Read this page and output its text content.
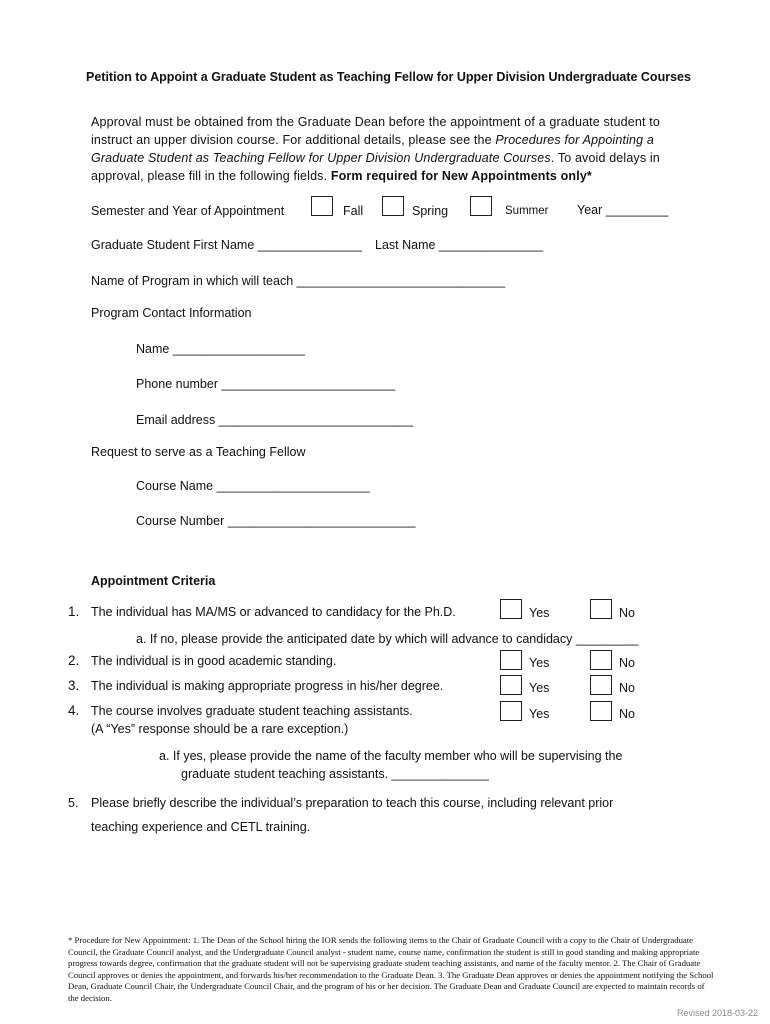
Petition to Appoint a Graduate Student as Teaching Fellow for Upper Division Undergraduate Courses
Approval must be obtained from the Graduate Dean before the appointment of a graduate student to instruct an upper division course. For additional details, please see the Procedures for Appointing a Graduate Student as Teaching Fellow for Upper Division Undergraduate Courses. To avoid delays in approval, please fill in the following fields. Form required for New Appointments only*
Semester and Year of Appointment	Fall	Spring	Summer Year _________
Graduate Student First Name _______________ Last Name _______________
Name of Program in which will teach ______________________________
Program Contact Information
Name ___________________
Phone number _________________________
Email address ____________________________
Request to serve as a Teaching Fellow
Course Name ______________________
Course Number ___________________________
Appointment Criteria
1. The individual has MA/MS or advanced to candidacy for the Ph.D.	Yes	No
a. If no, please provide the anticipated date by which will advance to candidacy _________
2. The individual is in good academic standing.	Yes	No
3. The individual is making appropriate progress in his/her degree.	Yes	No
4. The course involves graduate student teaching assistants.
(A “Yes” response should be a rare exception.)
Yes	No
a. If yes, please provide the name of the faculty member who will be supervising the
graduate student teaching assistants. ______________
5. Please briefly describe the individual’s preparation to teach this course, including relevant prior
teaching experience and CETL training.
* Procedure for New Appointment: 1. The Dean of the School hiring the IOR sends the following items to the Chair of Graduate Council with a copy to the Chair of Undergraduate Council, the Graduate Council analyst, and the Undergraduate Council analyst - student name, course name, confirmation the student is still in good standing and making appropriate progress towards degree, confirmation that the graduate student will not be supervising graduate student teaching assistants, and name of the faculty mentor. 2. The Chair of Graduate Council approves or denies the appointment, and forwards his/her recommendation to the Graduate Dean. 3. The Graduate Dean approves or denies the appointment notifying the School Dean, Graduate Council Chair, the Undergraduate Council Chair, and the program of his or her decision. The Graduate Dean and Graduate Council are expected to maintain records of the decision.
Revised 2018-03-22
